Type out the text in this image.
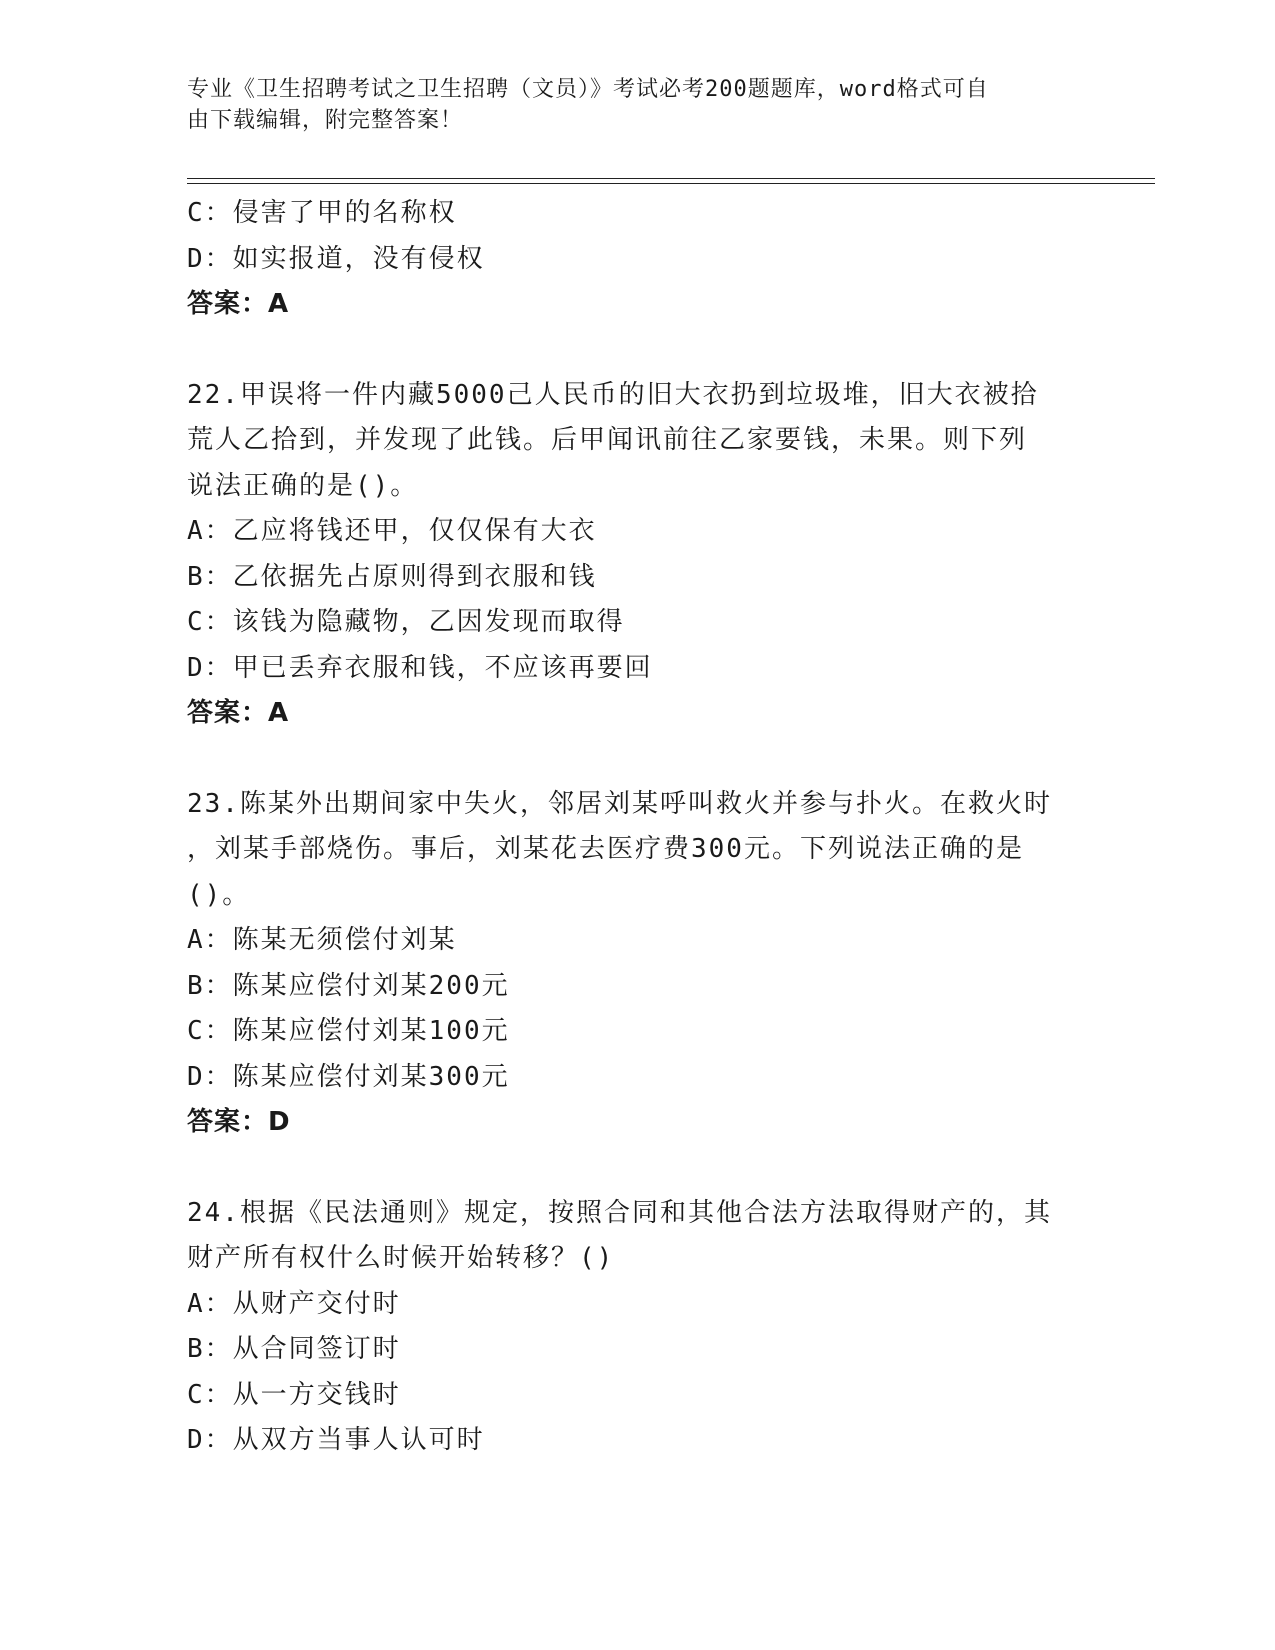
专业《卫生招聘考试之卫生招聘（文员）》考试必考200题题库，word格式可自
由下载编辑，附完整答案！
C：侵害了甲的名称权
D：如实报道，没有侵权
答案：A
22.甲误将一件内藏5000己人民币的旧大衣扔到垃圾堆，旧大衣被拾
荒人乙拾到，并发现了此钱。后甲闻讯前往乙家要钱，未果。则下列
说法正确的是()。
A：乙应将钱还甲，仅仅保有大衣
B：乙依据先占原则得到衣服和钱
C：该钱为隐藏物，乙因发现而取得
D：甲已丢弃衣服和钱，不应该再要回
答案：A
23.陈某外出期间家中失火，邻居刘某呼叫救火并参与扑火。在救火时
，刘某手部烧伤。事后，刘某花去医疗费300元。下列说法正确的是
()。
A：陈某无须偿付刘某
B：陈某应偿付刘某200元
C：陈某应偿付刘某100元
D：陈某应偿付刘某300元
答案：D
24.根据《民法通则》规定，按照合同和其他合法方法取得财产的，其
财产所有权什么时候开始转移？()
A：从财产交付时
B：从合同签订时
C：从一方交钱时
D：从双方当事人认可时
